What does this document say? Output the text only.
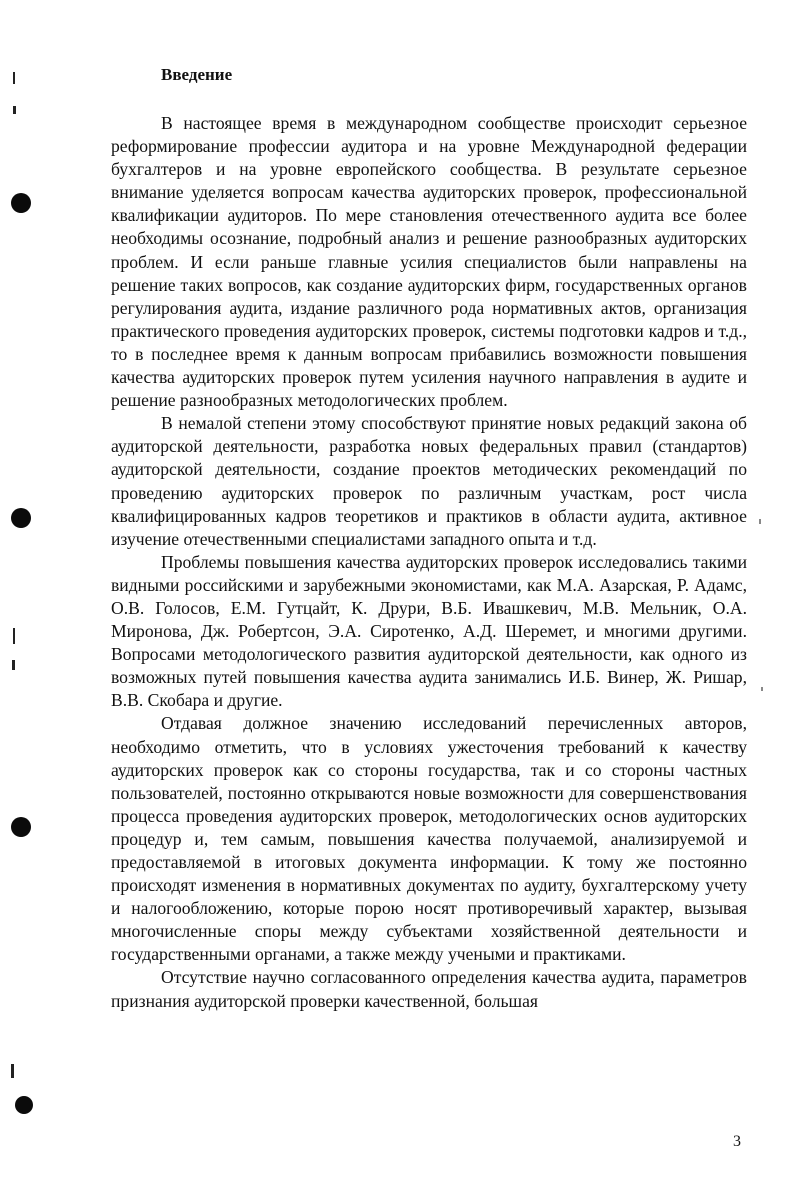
Введение

В настоящее время в международном сообществе происходит серьезное реформирование профессии аудитора и на уровне Международной федерации бухгалтеров и на уровне европейского сообщества. В результате серьезное внимание уделяется вопросам качества аудиторских проверок, профессиональной квалификации аудиторов. По мере становления отечественного аудита все более необходимы осознание, подробный анализ и решение разнообразных аудиторских проблем. И если раньше главные усилия специалистов были направлены на решение таких вопросов, как создание аудиторских фирм, государственных органов регулирования аудита, издание различного рода нормативных актов, организация практического проведения аудиторских проверок, системы подготовки кадров и т.д., то в последнее время к данным вопросам прибавились возможности повышения качества аудиторских проверок путем усиления научного направления в аудите и решение разнообразных методологических проблем.

В немалой степени этому способствуют принятие новых редакций закона об аудиторской деятельности, разработка новых федеральных правил (стандартов) аудиторской деятельности, создание проектов методических рекомендаций по проведению аудиторских проверок по различным участкам, рост числа квалифицированных кадров теоретиков и практиков в области аудита, активное изучение отечественными специалистами западного опыта и т.д.

Проблемы повышения качества аудиторских проверок исследовались такими видными российскими и зарубежными экономистами, как М.А. Азарская, Р. Адамс, О.В. Голосов, Е.М. Гутцайт, К. Друри, В.Б. Ивашкевич, М.В. Мельник, О.А. Миронова, Дж. Робертсон, Э.А. Сиротенко, А.Д. Шеремет, и многими другими. Вопросами методологического развития аудиторской деятельности, как одного из возможных путей повышения качества аудита занимались И.Б. Винер, Ж. Ришар, В.В. Скобара и другие.

Отдавая должное значению исследований перечисленных авторов, необходимо отметить, что в условиях ужесточения требований к качеству аудиторских проверок как со стороны государства, так и со стороны частных пользователей, постоянно открываются новые возможности для совершенствования процесса проведения аудиторских проверок, методологических основ аудиторских процедур и, тем самым, повышения качества получаемой, анализируемой и предоставляемой в итоговых документа информации. К тому же постоянно происходят изменения в нормативных документах по аудиту, бухгалтерскому учету и налогообложению, которые порою носят противоречивый характер, вызывая многочисленные споры между субъектами хозяйственной деятельности и государственными органами, а также между учеными и практиками.

Отсутствие научно согласованного определения качества аудита, параметров признания аудиторской проверки качественной, большая

3
